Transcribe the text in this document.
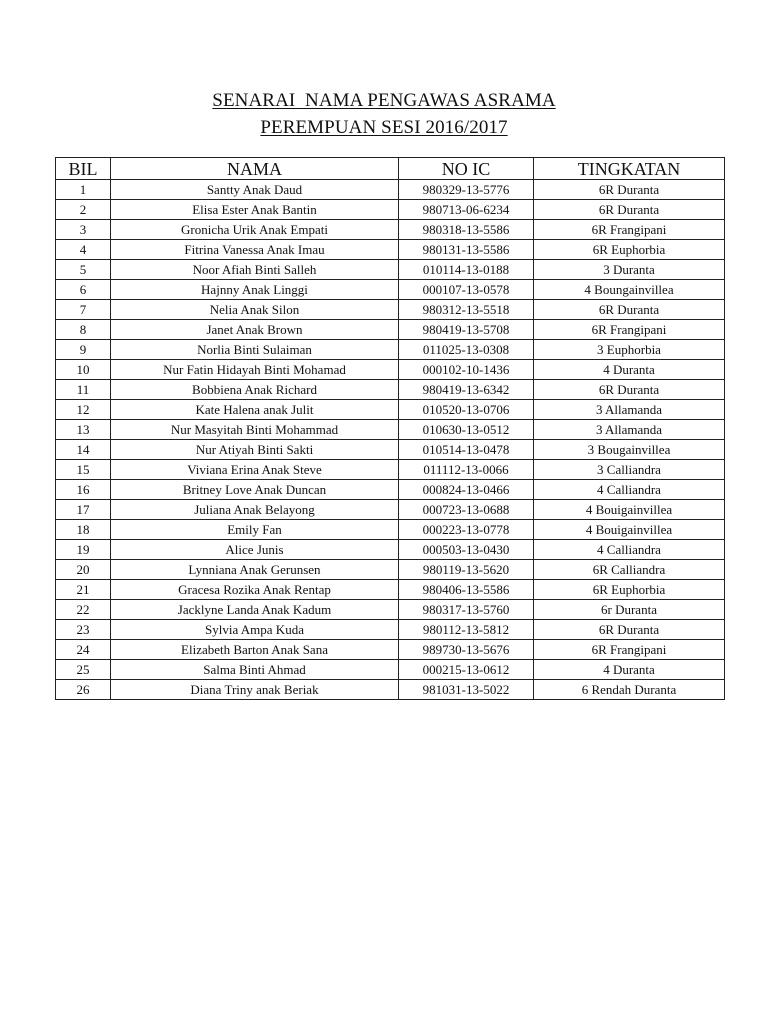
SENARAI  NAMA PENGAWAS ASRAMA
PEREMPUAN SESI 2016/2017
BIL	NAMA	NO IC	TINGKATAN
1	Santty Anak Daud	980329-13-5776	6R Duranta
2	Elisa Ester Anak Bantin	980713-06-6234	6R Duranta
3	Gronicha Urik Anak Empati	980318-13-5586	6R Frangipani
4	Fitrina Vanessa Anak Imau	980131-13-5586	6R Euphorbia
5	Noor Afiah Binti Salleh	010114-13-0188	3 Duranta
6	Hajnny Anak Linggi	000107-13-0578	4 Boungainvillea
7	Nelia Anak Silon	980312-13-5518	6R Duranta
8	Janet Anak Brown	980419-13-5708	6R Frangipani
9	Norlia Binti Sulaiman	011025-13-0308	3 Euphorbia
10	Nur Fatin Hidayah Binti Mohamad	000102-10-1436	4 Duranta
11	Bobbiena Anak Richard	980419-13-6342	6R Duranta
12	Kate Halena anak Julit	010520-13-0706	3 Allamanda
13	Nur Masyitah Binti Mohammad	010630-13-0512	3 Allamanda
14	Nur Atiyah Binti Sakti	010514-13-0478	3 Bougainvillea
15	Viviana Erina Anak Steve	011112-13-0066	3 Calliandra
16	Britney Love Anak Duncan	000824-13-0466	4 Calliandra
17	Juliana Anak Belayong	000723-13-0688	4 Bouigainvillea
18	Emily Fan	000223-13-0778	4 Bouigainvillea
19	Alice Junis	000503-13-0430	4 Calliandra
20	Lynniana Anak Gerunsen	980119-13-5620	6R Calliandra
21	Gracesa Rozika Anak Rentap	980406-13-5586	6R Euphorbia
22	Jacklyne Landa Anak Kadum	980317-13-5760	6r Duranta
23	Sylvia Ampa Kuda	980112-13-5812	6R Duranta
24	Elizabeth Barton Anak Sana	989730-13-5676	6R Frangipani
25	Salma Binti Ahmad	000215-13-0612	4 Duranta
26	Diana Triny anak Beriak	981031-13-5022	6 Rendah Duranta
